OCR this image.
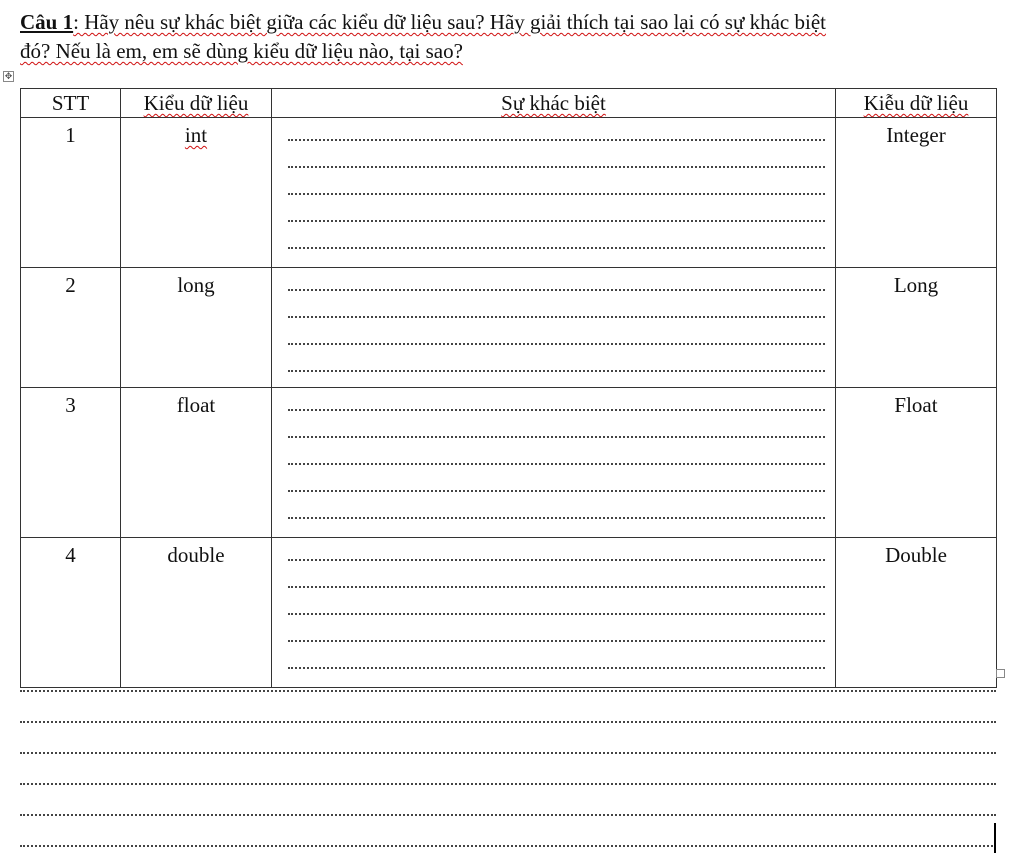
Câu 1: Hãy nêu sự khác biệt giữa các kiểu dữ liệu sau? Hãy giải thích tại sao lại có sự khác biệt
đó? Nếu là em, em sẽ dùng kiểu dữ liệu nào, tại sao?
✥
STT	Kiểu dữ liệu	Sự khác biệt	Kiễu dữ liệu
1	int		Integer
2	long		Long
3	float		Float
4	double		Double
